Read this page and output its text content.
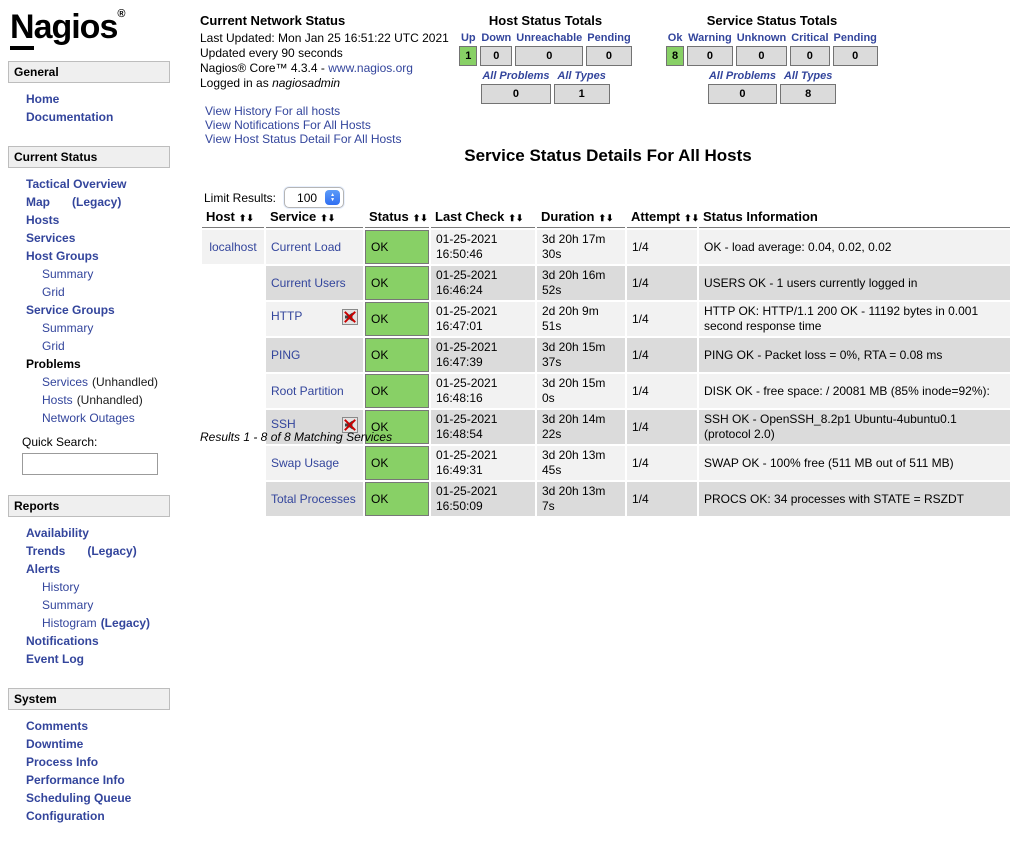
Nagios®
General
Home
Documentation
Current Status
Tactical Overview
Map (Legacy)
Hosts
Services
Host Groups
Summary
Grid
Service Groups
Summary
Grid
Problems
Services (Unhandled)
Hosts (Unhandled)
Network Outages
Quick Search:
Reports
Availability
Trends (Legacy)
Alerts
History
Summary
Histogram (Legacy)
Notifications
Event Log
System
Comments
Downtime
Process Info
Performance Info
Scheduling Queue
Configuration
Current Network Status
Last Updated: Mon Jan 25 16:51:22 UTC 2021
Updated every 90 seconds
Nagios® Core™ 4.3.4 - www.nagios.org
Logged in as nagiosadmin
View History For all hosts
View Notifications For All Hosts
View Host Status Detail For All Hosts
Host Status Totals
Up	Down	Unreachable	Pending

1	0	0	0
All Problems	All Types

0	1
Service Status Totals
Ok	Warning	Unknown	Critical	Pending

8	0	0	0	0
All Problems	All Types

0	8
Service Status Details For All Hosts
Limit Results: 100	▲
▼
Host ⬆⬇	Service ⬆⬇	Status ⬆⬇	Last Check ⬆⬇	Duration ⬆⬇	Attempt ⬆⬇	Status Information
localhost	Current Load	OK	01-25-2021 16:50:46	3d 20h 17m 30s	1/4	OK - load average: 0.04, 0.02, 0.02
	Current Users	OK	01-25-2021 16:46:24	3d 20h 16m 52s	1/4	USERS OK - 1 users currently logged in
	HTTP	OK	01-25-2021 16:47:01	2d 20h 9m 51s	1/4	HTTP OK: HTTP/1.1 200 OK - 11192 bytes in 0.001 second response time
	PING	OK	01-25-2021 16:47:39	3d 20h 15m 37s	1/4	PING OK - Packet loss = 0%, RTA = 0.08 ms
	Root Partition	OK	01-25-2021 16:48:16	3d 20h 15m 0s	1/4	DISK OK - free space: / 20081 MB (85% inode=92%):
	SSH	OK	01-25-2021 16:48:54	3d 20h 14m 22s	1/4	SSH OK - OpenSSH_8.2p1 Ubuntu-4ubuntu0.1 (protocol 2.0)
	Swap Usage	OK	01-25-2021 16:49:31	3d 20h 13m 45s	1/4	SWAP OK - 100% free (511 MB out of 511 MB)
	Total Processes	OK	01-25-2021 16:50:09	3d 20h 13m 7s	1/4	PROCS OK: 34 processes with STATE = RSZDT
Results 1 - 8 of 8 Matching Services
